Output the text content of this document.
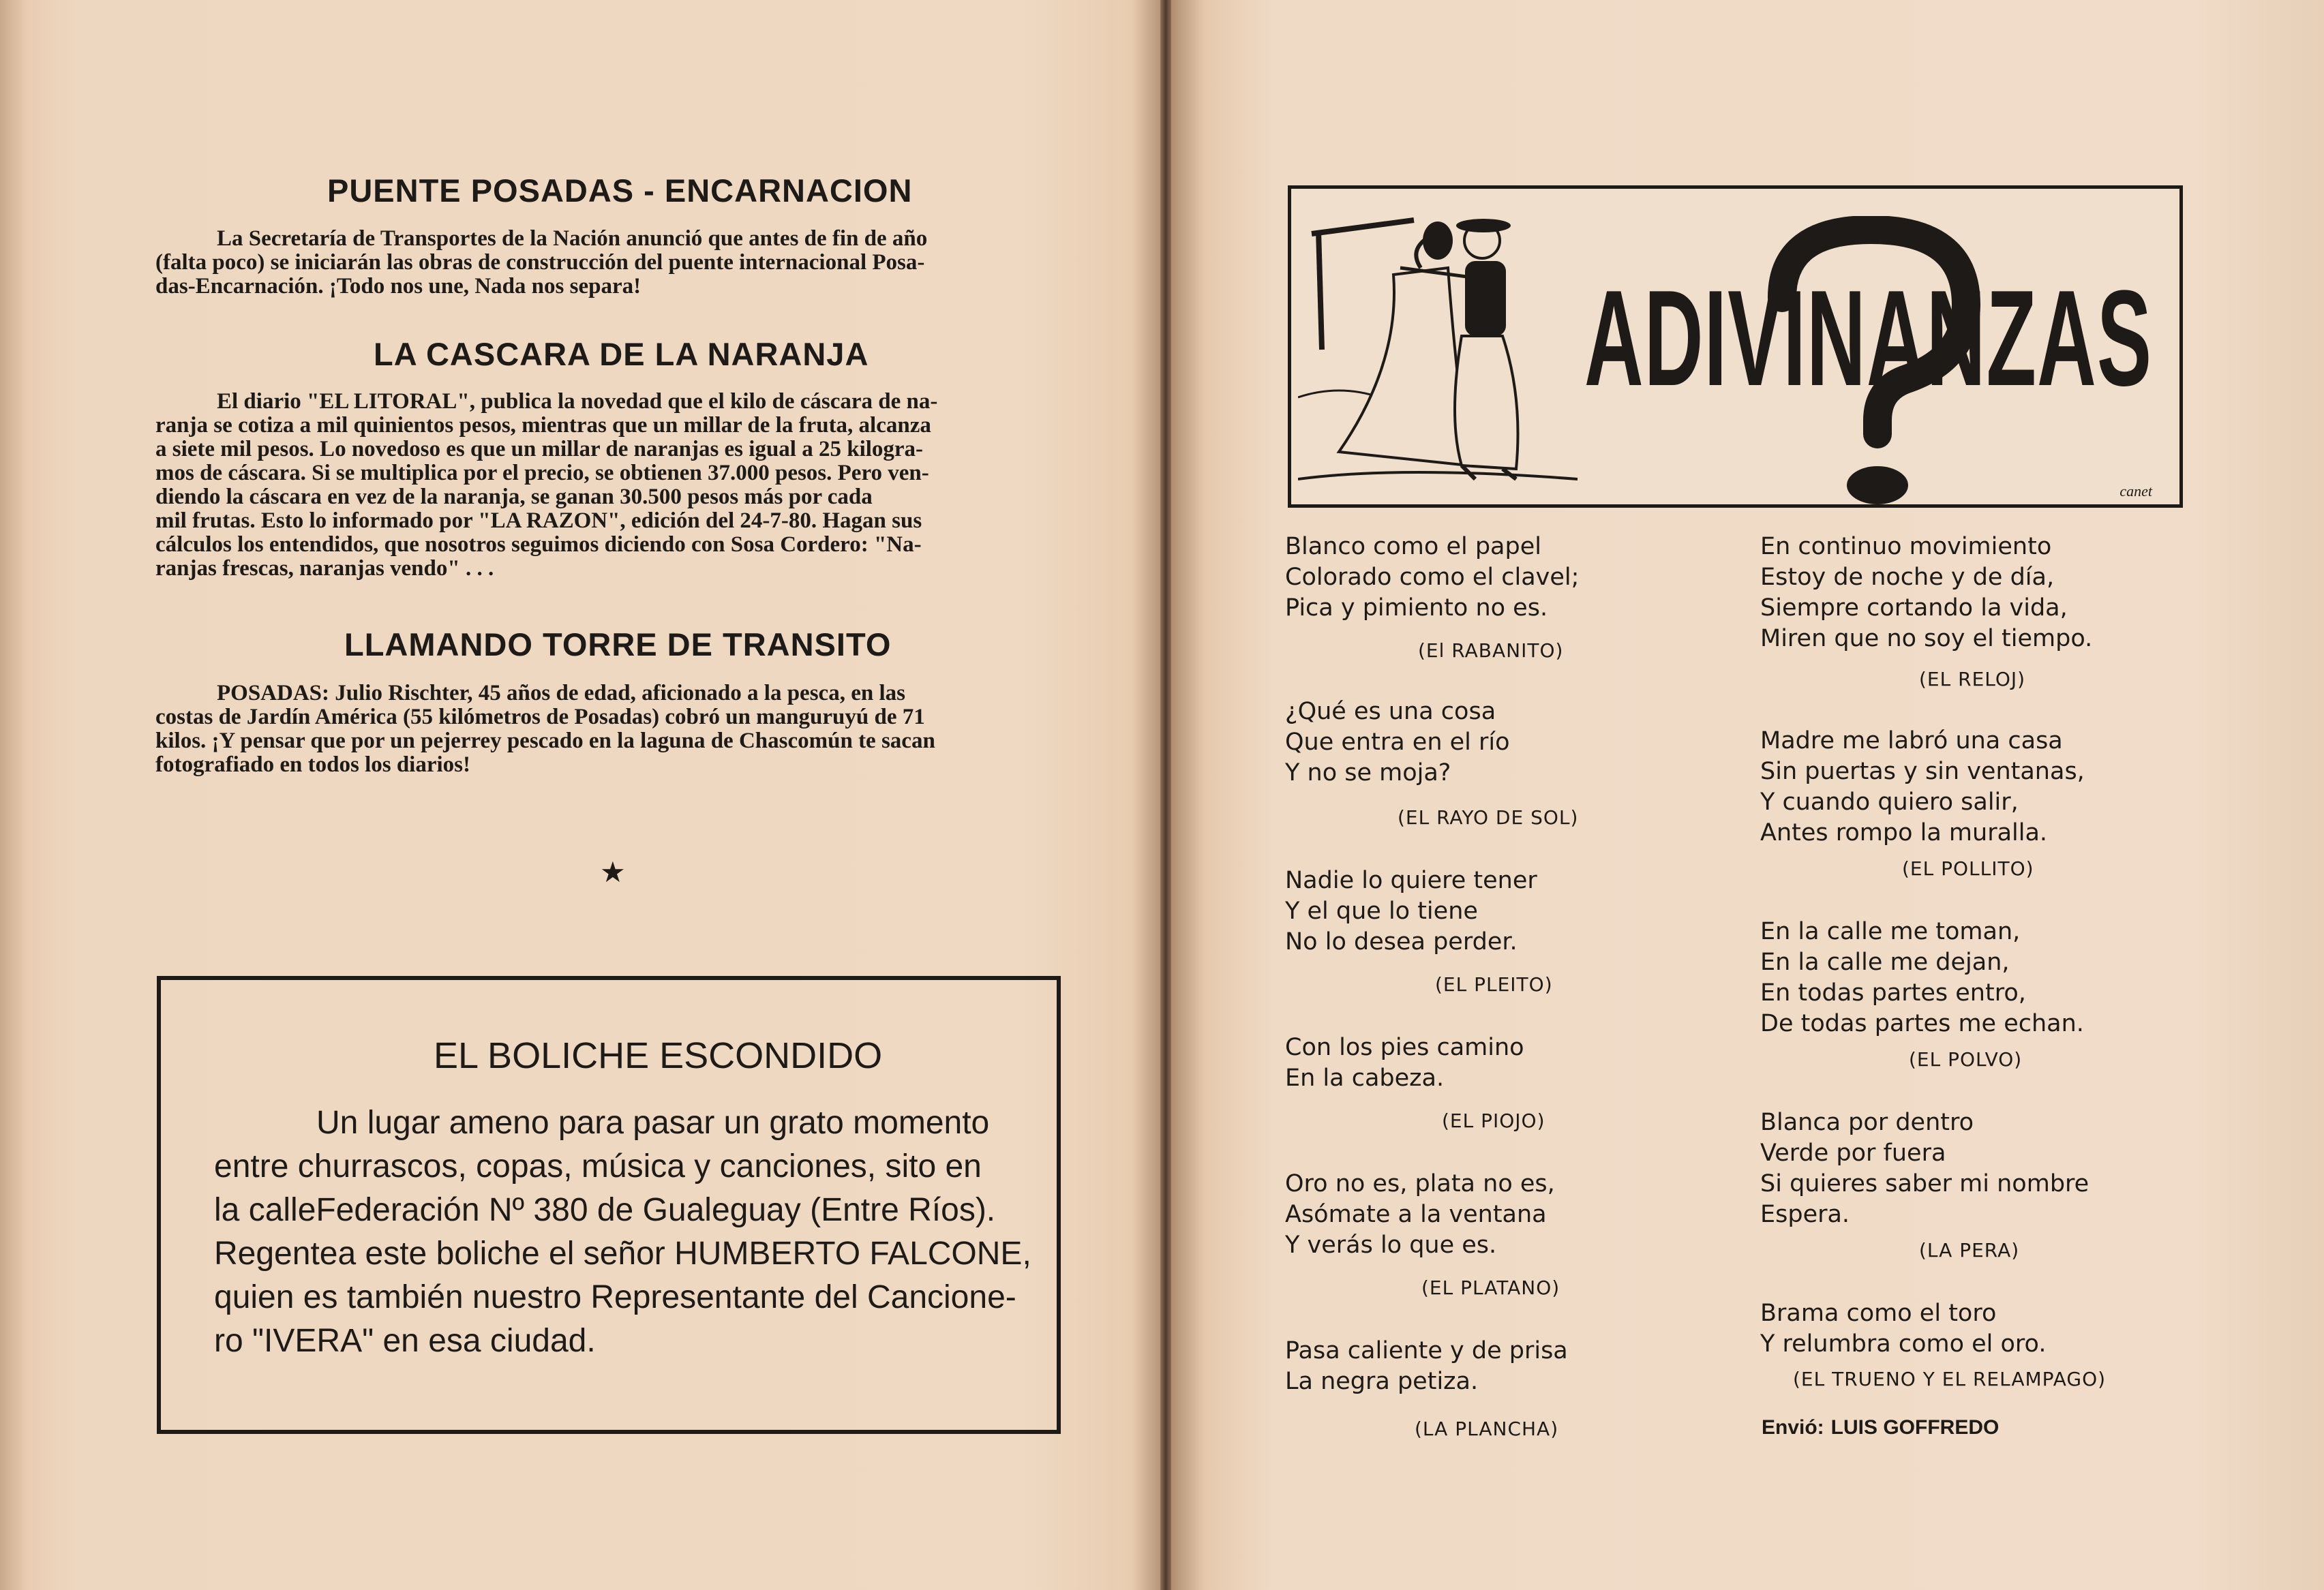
PUENTE POSADAS - ENCARNACION
La Secretaría de Transportes de la Nación anunció que antes de fin de año
(falta poco) se iniciarán las obras de construcción del puente internacional Posa-
das-Encarnación. ¡Todo nos une, Nada nos separa!
LA CASCARA DE LA NARANJA
El diario "EL LITORAL", publica la novedad que el kilo de cáscara de na-
ranja se cotiza a mil quinientos pesos, mientras que un millar de la fruta, alcanza
a siete mil pesos. Lo novedoso es que un millar de naranjas es igual a 25 kilogra-
mos de cáscara. Si se multiplica por el precio, se obtienen 37.000 pesos. Pero ven-
diendo la cáscara en vez de la naranja, se ganan 30.500 pesos más por cada
mil frutas. Esto lo informado por "LA RAZON", edición del 24-7-80. Hagan sus
cálculos los entendidos, que nosotros seguimos diciendo con Sosa Cordero: "Na-
ranjas frescas, naranjas vendo" . . .
LLAMANDO TORRE DE TRANSITO
POSADAS: Julio Rischter, 45 años de edad, aficionado a la pesca, en las
costas de Jardín América (55 kilómetros de Posadas) cobró un manguruyú de 71
kilos. ¡Y pensar que por un pejerrey pescado en la laguna de Chascomún te sacan
fotografiado en todos los diarios!

★

EL BOLICHE ESCONDIDO
Un lugar ameno para pasar un grato momento
entre churrascos, copas, música y canciones, sito en
la calleFederación Nº 380 de Gualeguay (Entre Ríos).
Regentea este boliche el señor HUMBERTO FALCONE,
quien es también nuestro Representante del Cancione-
ro "IVERA" en esa ciudad.
ADIVINANZAS

canet

Blanco como el papel
Colorado como el clavel;
Pica y pimiento no es.

(El RABANITO)

¿Qué es una cosa
Que entra en el río
Y no se moja?

(EL RAYO DE SOL)

Nadie lo quiere tener
Y el que lo tiene
No lo desea perder.

(EL PLEITO)

Con los pies camino
En la cabeza.

(EL PIOJO)

Oro no es, plata no es,
Asómate a la ventana
Y verás lo que es.

(EL PLATANO)

Pasa caliente y de prisa
La negra petiza.

(LA PLANCHA)

En continuo movimiento
Estoy de noche y de día,
Siempre cortando la vida,
Miren que no soy el tiempo.

(EL RELOJ)

Madre me labró una casa
Sin puertas y sin ventanas,
Y cuando quiero salir,
Antes rompo la muralla.

(EL POLLITO)

En la calle me toman,
En la calle me dejan,
En todas partes entro,
De todas partes me echan.

(EL POLVO)

Blanca por dentro
Verde por fuera
Si quieres saber mi nombre
Espera.

(LA PERA)

Brama como el toro
Y relumbra como el oro.

(EL TRUENO Y EL RELAMPAGO)

Envió: LUIS GOFFREDO
